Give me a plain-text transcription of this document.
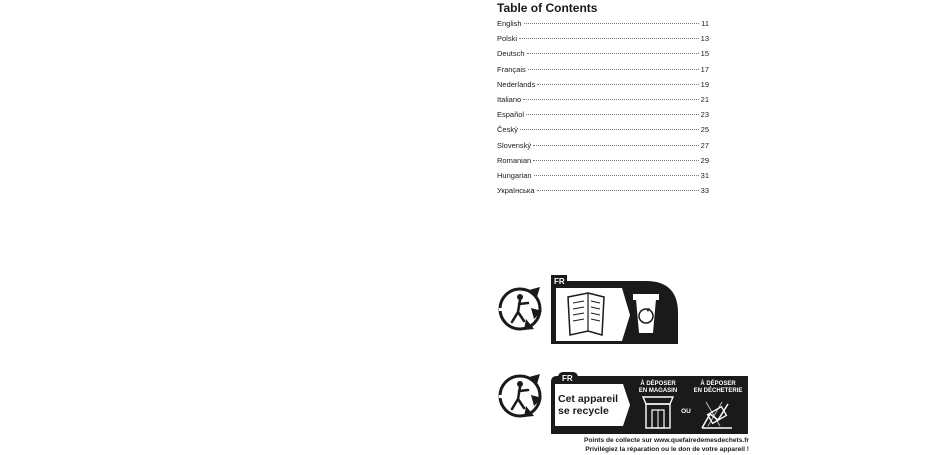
Table of Contents
English	11
Polski	13
Deutsch	15
Français	17
Nederlands	19
Italiano	21
Español	23
Český	25
Slovenský	27
Romanian	29
Hungarian	31
Українська	33
FR
FR
Cet appareil
se recycle
À DÉPOSER
EN MAGASIN
OU
À DÉPOSER
EN DÉCHETERIE
Points de collecte sur www.quefairedemesdechets.fr
Privilégiez la réparation ou le don de votre appareil !
